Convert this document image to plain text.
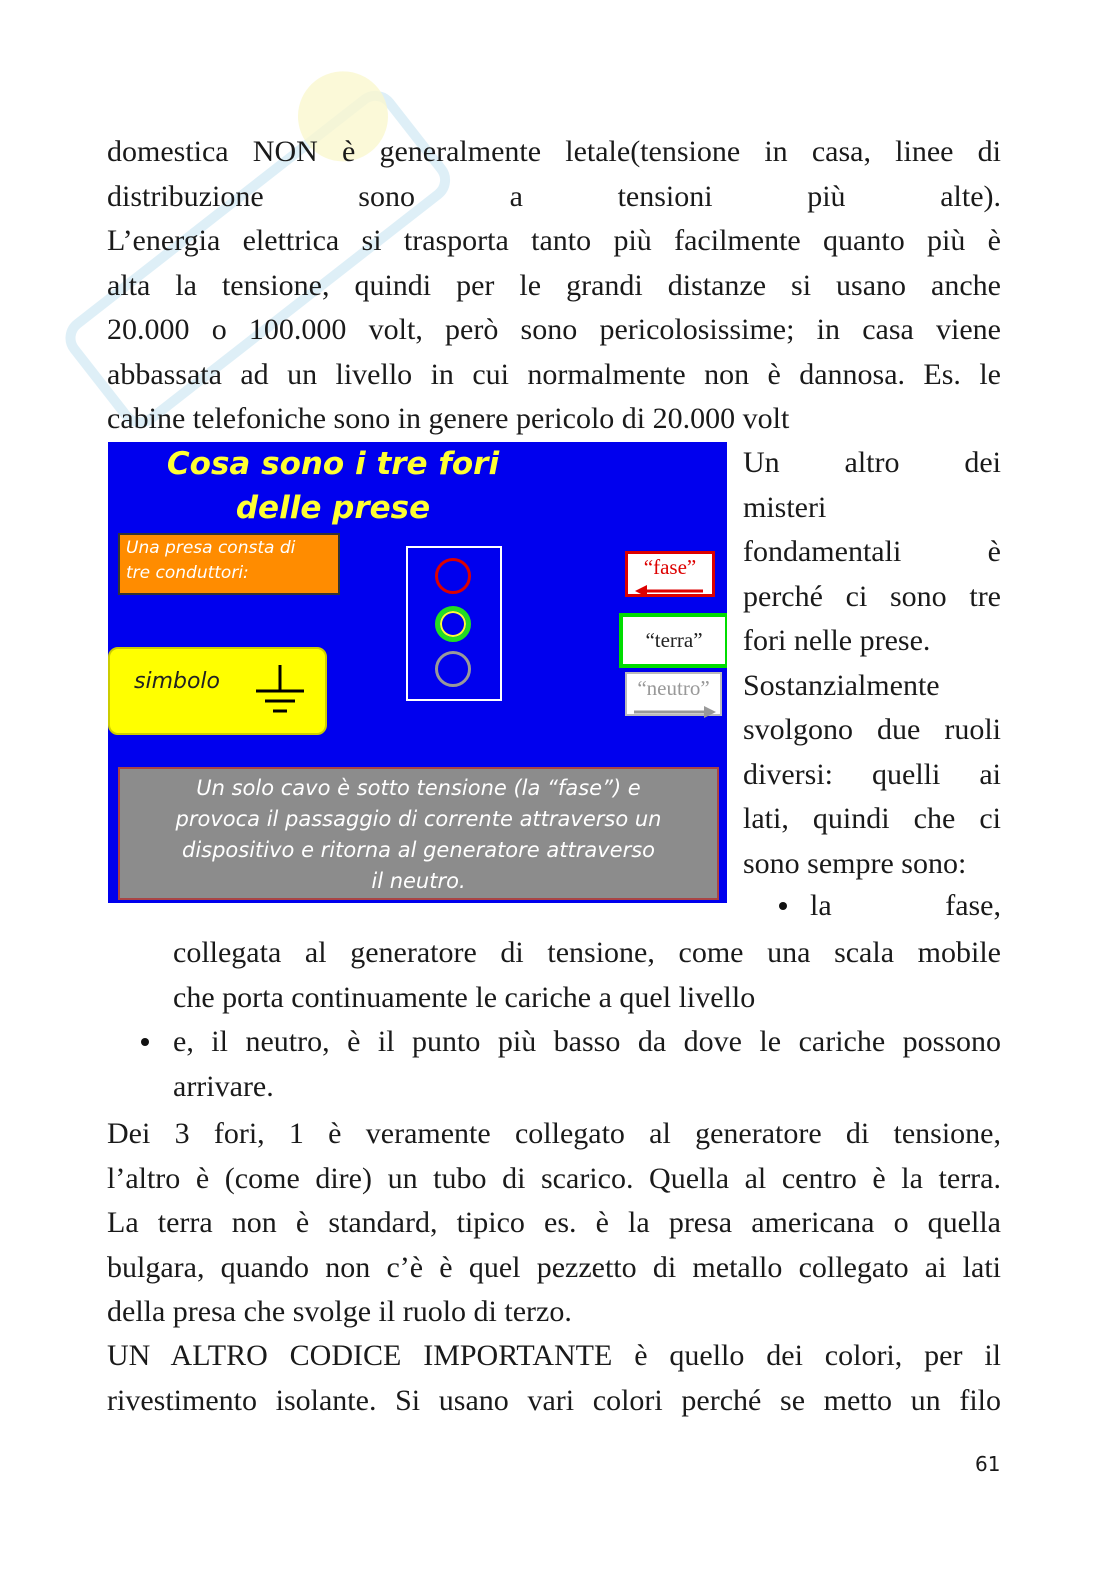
domestica NON è generalmente letale(tensione in casa, linee di
distribuzione sono a tensioni più alte).
L’energia elettrica si trasporta tanto più facilmente quanto più è
alta la tensione, quindi per le grandi distanze si usano anche
20.000 o 100.000 volt, però sono pericolosissime; in casa viene
abbassata ad un livello in cui normalmente non è dannosa. Es. le
cabine telefoniche sono in genere pericolo di 20.000 volt
Cosa sono i tre fori
delle prese
Una presa consta di
tre conduttori:
simbolo
“fase”
“terra”
“neutro”
Un solo cavo è sotto tensione (la “fase”) e
provoca il passaggio di corrente attraverso un
dispositivo e ritorna al generatore attraverso
il neutro.
Un altro dei
misteri
fondamentali è
perché ci sono tre
fori nelle prese.
Sostanzialmente
svolgono due ruoli
diversi: quelli ai
lati, quindi che ci
sono sempre sono:
la fase,
collegata al generatore di tensione, come una scala mobile
che porta continuamente le cariche a quel livello
e, il neutro, è il punto più basso da dove le cariche possono
arrivare.
Dei 3 fori, 1 è veramente collegato al generatore di tensione,
l’altro è (come dire) un tubo di scarico. Quella al centro è la terra.
La terra non è standard, tipico es. è la presa americana o quella
bulgara, quando non c’è è quel pezzetto di metallo collegato ai lati
della presa che svolge il ruolo di terzo.
UN ALTRO CODICE IMPORTANTE è quello dei colori, per il
rivestimento isolante. Si usano vari colori perché se metto un filo
61
